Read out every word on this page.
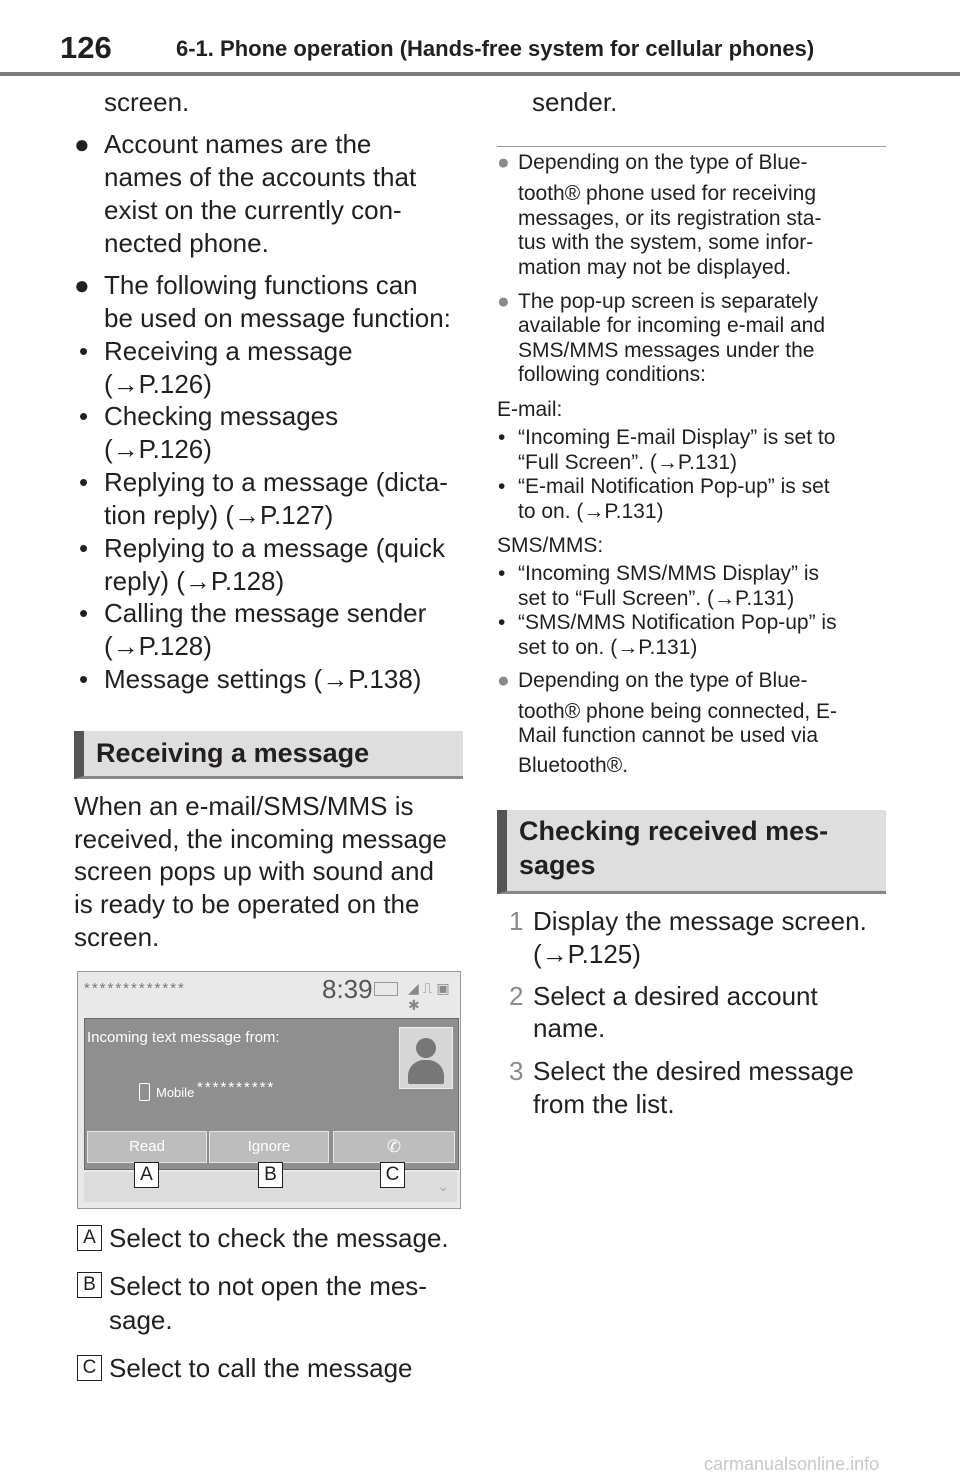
126	6-1. Phone operation (Hands-free system for cellular phones)
screen.
● Account names are the
names of the accounts that
exist on the currently con-
nected phone.
● The following functions can
be used on message function:
• Receiving a message
(→P.126)
• Checking messages
(→P.126)
• Replying to a message (dicta-
tion reply) (→P.127)
• Replying to a message (quick
reply) (→P.128)
• Calling the message sender
(→P.128)
• Message settings (→P.138)
Receiving a message
When an e-mail/SMS/MMS is
received, the incoming message
screen pops up with sound and
is ready to be operated on the
screen.
*************	8:39	◢ ⎍ ▣ ✱
Incoming text message from:
Mobile **********
Read	Ignore	✆
⌄
A	B	C
A Select to check the message.
B Select to not open the mes-
sage.
C Select to call the message
sender.
● Depending on the type of Blue-
tooth® phone used for receiving
messages, or its registration sta-
tus with the system, some infor-
mation may not be displayed.
● The pop-up screen is separately
available for incoming e-mail and
SMS/MMS messages under the
following conditions:
E-mail:
• “Incoming E-mail Display” is set to
“Full Screen”. (→P.131)
• “E-mail Notification Pop-up” is set
to on. (→P.131)
SMS/MMS:
• “Incoming SMS/MMS Display” is
set to “Full Screen”. (→P.131)
• “SMS/MMS Notification Pop-up” is
set to on. (→P.131)
● Depending on the type of Blue-
tooth® phone being connected, E-
Mail function cannot be used via
Bluetooth®.
Checking received mes-
sages
1 Display the message screen.
(→P.125)
2 Select a desired account
name.
3 Select the desired message
from the list.
carmanualsonline.info
